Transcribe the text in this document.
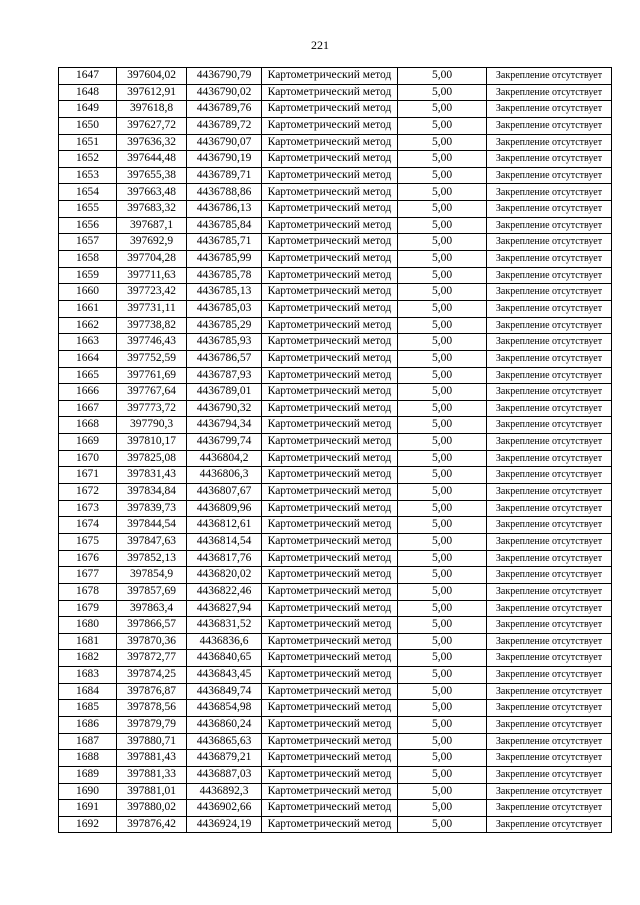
221
1647	397604,02	4436790,79	Картометрический метод	5,00	Закрепление отсутствует
1648	397612,91	4436790,02	Картометрический метод	5,00	Закрепление отсутствует
1649	397618,8	4436789,76	Картометрический метод	5,00	Закрепление отсутствует
1650	397627,72	4436789,72	Картометрический метод	5,00	Закрепление отсутствует
1651	397636,32	4436790,07	Картометрический метод	5,00	Закрепление отсутствует
1652	397644,48	4436790,19	Картометрический метод	5,00	Закрепление отсутствует
1653	397655,38	4436789,71	Картометрический метод	5,00	Закрепление отсутствует
1654	397663,48	4436788,86	Картометрический метод	5,00	Закрепление отсутствует
1655	397683,32	4436786,13	Картометрический метод	5,00	Закрепление отсутствует
1656	397687,1	4436785,84	Картометрический метод	5,00	Закрепление отсутствует
1657	397692,9	4436785,71	Картометрический метод	5,00	Закрепление отсутствует
1658	397704,28	4436785,99	Картометрический метод	5,00	Закрепление отсутствует
1659	397711,63	4436785,78	Картометрический метод	5,00	Закрепление отсутствует
1660	397723,42	4436785,13	Картометрический метод	5,00	Закрепление отсутствует
1661	397731,11	4436785,03	Картометрический метод	5,00	Закрепление отсутствует
1662	397738,82	4436785,29	Картометрический метод	5,00	Закрепление отсутствует
1663	397746,43	4436785,93	Картометрический метод	5,00	Закрепление отсутствует
1664	397752,59	4436786,57	Картометрический метод	5,00	Закрепление отсутствует
1665	397761,69	4436787,93	Картометрический метод	5,00	Закрепление отсутствует
1666	397767,64	4436789,01	Картометрический метод	5,00	Закрепление отсутствует
1667	397773,72	4436790,32	Картометрический метод	5,00	Закрепление отсутствует
1668	397790,3	4436794,34	Картометрический метод	5,00	Закрепление отсутствует
1669	397810,17	4436799,74	Картометрический метод	5,00	Закрепление отсутствует
1670	397825,08	4436804,2	Картометрический метод	5,00	Закрепление отсутствует
1671	397831,43	4436806,3	Картометрический метод	5,00	Закрепление отсутствует
1672	397834,84	4436807,67	Картометрический метод	5,00	Закрепление отсутствует
1673	397839,73	4436809,96	Картометрический метод	5,00	Закрепление отсутствует
1674	397844,54	4436812,61	Картометрический метод	5,00	Закрепление отсутствует
1675	397847,63	4436814,54	Картометрический метод	5,00	Закрепление отсутствует
1676	397852,13	4436817,76	Картометрический метод	5,00	Закрепление отсутствует
1677	397854,9	4436820,02	Картометрический метод	5,00	Закрепление отсутствует
1678	397857,69	4436822,46	Картометрический метод	5,00	Закрепление отсутствует
1679	397863,4	4436827,94	Картометрический метод	5,00	Закрепление отсутствует
1680	397866,57	4436831,52	Картометрический метод	5,00	Закрепление отсутствует
1681	397870,36	4436836,6	Картометрический метод	5,00	Закрепление отсутствует
1682	397872,77	4436840,65	Картометрический метод	5,00	Закрепление отсутствует
1683	397874,25	4436843,45	Картометрический метод	5,00	Закрепление отсутствует
1684	397876,87	4436849,74	Картометрический метод	5,00	Закрепление отсутствует
1685	397878,56	4436854,98	Картометрический метод	5,00	Закрепление отсутствует
1686	397879,79	4436860,24	Картометрический метод	5,00	Закрепление отсутствует
1687	397880,71	4436865,63	Картометрический метод	5,00	Закрепление отсутствует
1688	397881,43	4436879,21	Картометрический метод	5,00	Закрепление отсутствует
1689	397881,33	4436887,03	Картометрический метод	5,00	Закрепление отсутствует
1690	397881,01	4436892,3	Картометрический метод	5,00	Закрепление отсутствует
1691	397880,02	4436902,66	Картометрический метод	5,00	Закрепление отсутствует
1692	397876,42	4436924,19	Картометрический метод	5,00	Закрепление отсутствует
